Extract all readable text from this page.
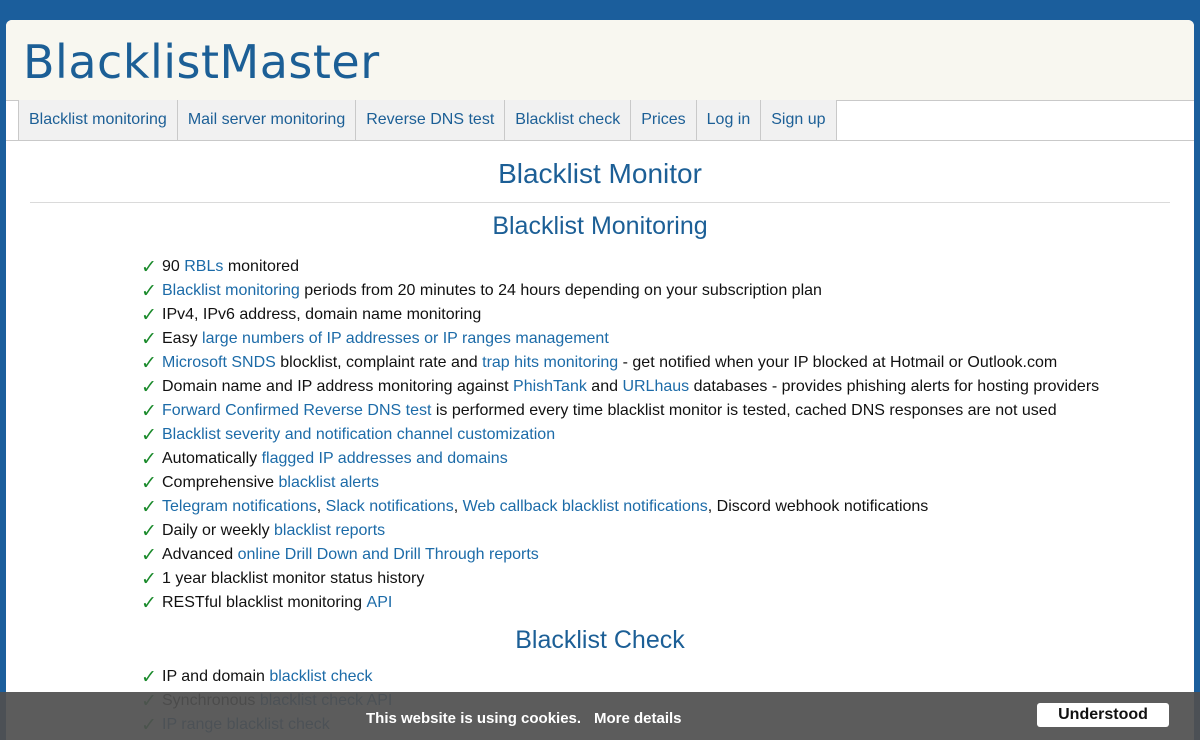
BlacklistMaster
Blacklist monitoring	Mail server monitoring	Reverse DNS test	Blacklist check	Prices	Log in	Sign up
Blacklist Monitor
Blacklist Monitoring
✓ 90 RBLs monitored
✓ Blacklist monitoring periods from 20 minutes to 24 hours depending on your subscription plan
✓ IPv4, IPv6 address, domain name monitoring
✓ Easy large numbers of IP addresses or IP ranges management
✓ Microsoft SNDS blocklist, complaint rate and trap hits monitoring - get notified when your IP blocked at Hotmail or Outlook.com
✓ Domain name and IP address monitoring against PhishTank and URLhaus databases - provides phishing alerts for hosting providers
✓ Forward Confirmed Reverse DNS test is performed every time blacklist monitor is tested, cached DNS responses are not used
✓ Blacklist severity and notification channel customization
✓ Automatically flagged IP addresses and domains
✓ Comprehensive blacklist alerts
✓ Telegram notifications , Slack notifications , Web callback blacklist notifications , Discord webhook notifications
✓ Daily or weekly blacklist reports
✓ Advanced online Drill Down and Drill Through reports
✓ 1 year blacklist monitor status history
✓ RESTful blacklist monitoring API
Blacklist Check
✓ IP and domain blacklist check
This website is using cookies. More details	Understood
